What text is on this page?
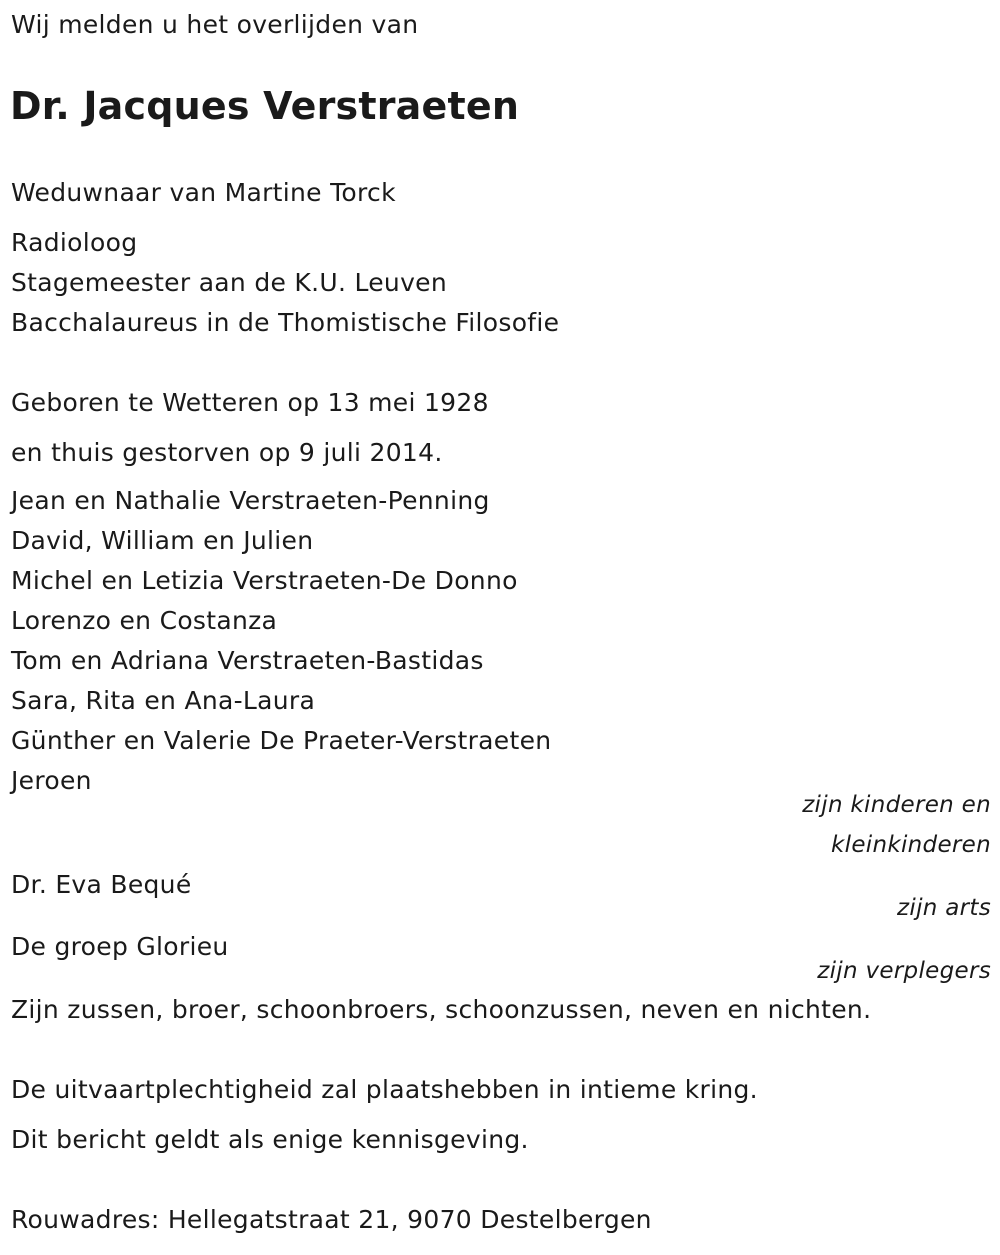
Wij melden u het overlijden van
Dr. Jacques Verstraeten
Weduwnaar van Martine Torck
Radioloog
Stagemeester aan de K.U. Leuven
Bacchalaureus in de Thomistische Filosofie
Geboren te Wetteren op 13 mei 1928
en thuis gestorven op 9 juli 2014.
Jean en Nathalie Verstraeten-Penning
David, William en Julien
Michel en Letizia Verstraeten-De Donno
Lorenzo en Costanza
Tom en Adriana Verstraeten-Bastidas
Sara, Rita en Ana-Laura
Günther en Valerie De Praeter-Verstraeten
Jeroen
zijn kinderen en
kleinkinderen
Dr. Eva Bequé
zijn arts
De groep Glorieu
zijn verplegers
Zijn zussen, broer, schoonbroers, schoonzussen, neven en nichten.
De uitvaartplechtigheid zal plaatshebben in intieme kring.
Dit bericht geldt als enige kennisgeving.
Rouwadres: Hellegatstraat 21, 9070 Destelbergen
